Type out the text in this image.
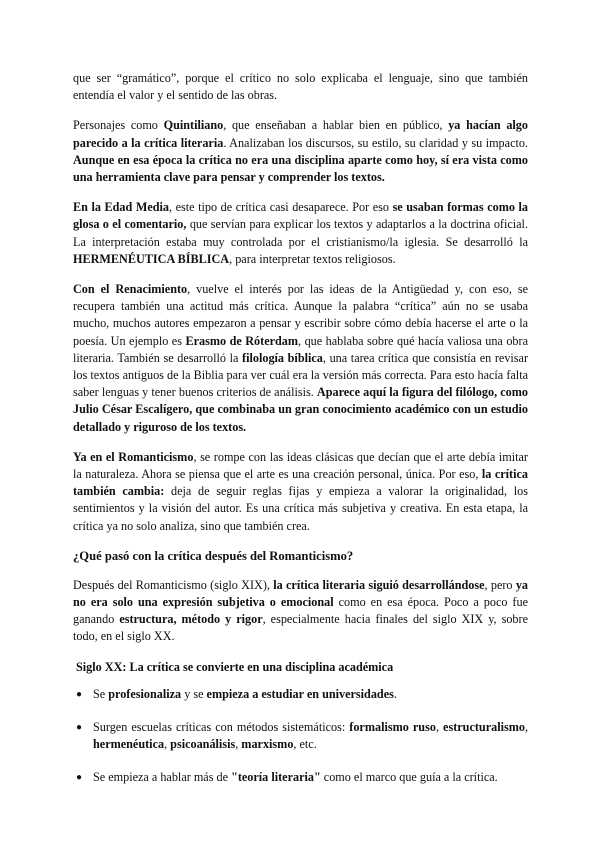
que ser “gramático”, porque el crítico no solo explicaba el lenguaje, sino que también entendía el valor y el sentido de las obras.

Personajes como Quintiliano, que enseñaban a hablar bien en público, ya hacían algo parecido a la crítica literaria. Analizaban los discursos, su estilo, su claridad y su impacto. Aunque en esa época la crítica no era una disciplina aparte como hoy, sí era vista como una herramienta clave para pensar y comprender los textos.

En la Edad Media, este tipo de crítica casi desaparece. Por eso se usaban formas como la glosa o el comentario, que servían para explicar los textos y adaptarlos a la doctrina oficial. La interpretación estaba muy controlada por el cristianismo/la iglesia. Se desarrolló la HERMENÉUTICA BÍBLICA, para interpretar textos religiosos.

Con el Renacimiento, vuelve el interés por las ideas de la Antigüedad y, con eso, se recupera también una actitud más crítica. Aunque la palabra “crítica” aún no se usaba mucho, muchos autores empezaron a pensar y escribir sobre cómo debía hacerse el arte o la poesía. Un ejemplo es Erasmo de Róterdam, que hablaba sobre qué hacía valiosa una obra literaria. También se desarrolló la filología bíblica, una tarea crítica que consistía en revisar los textos antiguos de la Biblia para ver cuál era la versión más correcta. Para esto hacía falta saber lenguas y tener buenos criterios de análisis. Aparece aquí la figura del filólogo, como Julio César Escalígero, que combinaba un gran conocimiento académico con un estudio detallado y riguroso de los textos.

Ya en el Romanticismo, se rompe con las ideas clásicas que decían que el arte debía imitar la naturaleza. Ahora se piensa que el arte es una creación personal, única. Por eso, la crítica también cambia: deja de seguir reglas fijas y empieza a valorar la originalidad, los sentimientos y la visión del autor. Es una crítica más subjetiva y creativa. En esta etapa, la crítica ya no solo analiza, sino que también crea.

¿Qué pasó con la crítica después del Romanticismo?

Después del Romanticismo (siglo XIX), la crítica literaria siguió desarrollándose, pero ya no era solo una expresión subjetiva o emocional como en esa época. Poco a poco fue ganando estructura, método y rigor, especialmente hacia finales del siglo XIX y, sobre todo, en el siglo XX.

Siglo XX: La crítica se convierte en una disciplina académica
● Se profesionaliza y se empieza a estudiar en universidades.
● Surgen escuelas críticas con métodos sistemáticos: formalismo ruso, estructuralismo, hermenéutica, psicoanálisis, marxismo, etc.
● Se empieza a hablar más de "teoría literaria" como el marco que guía a la crítica.
